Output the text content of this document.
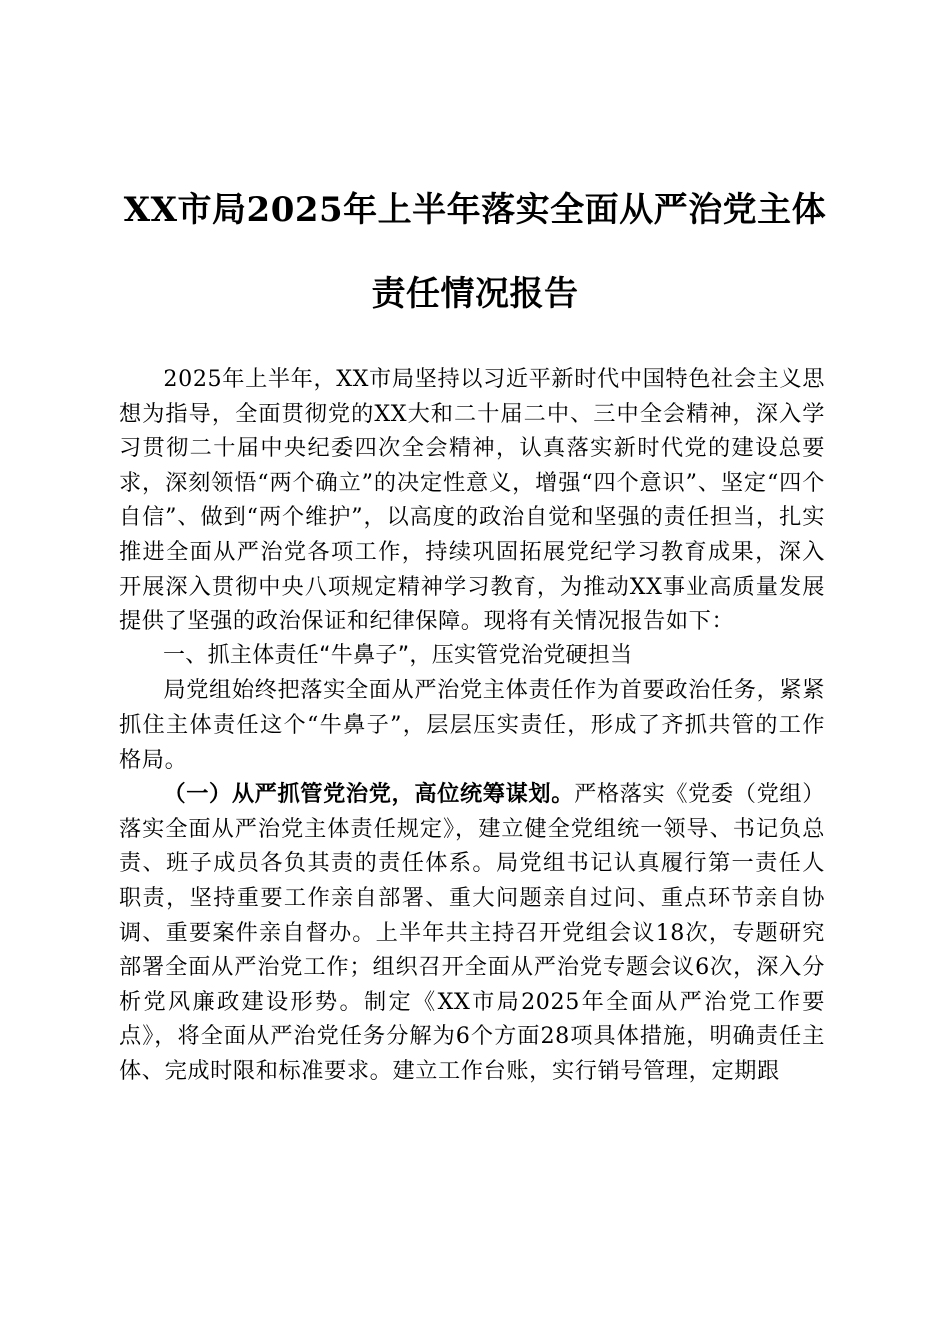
XX市局2025年上半年落实全面从严治党主体
责任情况报告

2025年上半年，XX市局坚持以习近平新时代中国特色社会主义思想为指导，全面贯彻党的XX大和二十届二中、三中全会精神，深入学习贯彻二十届中央纪委四次全会精神，认真落实新时代党的建设总要求，深刻领悟“两个确立”的决定性意义，增强“四个意识”、坚定“四个自信”、做到“两个维护”，以高度的政治自觉和坚强的责任担当，扎实推进全面从严治党各项工作，持续巩固拓展党纪学习教育成果，深入开展深入贯彻中央八项规定精神学习教育，为推动XX事业高质量发展提供了坚强的政治保证和纪律保障。现将有关情况报告如下：

一、抓主体责任“牛鼻子”，压实管党治党硬担当

局党组始终把落实全面从严治党主体责任作为首要政治任务，紧紧抓住主体责任这个“牛鼻子”，层层压实责任，形成了齐抓共管的工作格局。

（一）从严抓管党治党，高位统筹谋划。严格落实《党委（党组）落实全面从严治党主体责任规定》，建立健全党组统一领导、书记负总责、班子成员各负其责的责任体系。局党组书记认真履行第一责任人职责，坚持重要工作亲自部署、重大问题亲自过问、重点环节亲自协调、重要案件亲自督办。上半年共主持召开党组会议18次，专题研究部署全面从严治党工作；组织召开全面从严治党专题会议6次，深入分析党风廉政建设形势。制定《XX市局2025年全面从严治党工作要点》，将全面从严治党任务分解为6个方面28项具体措施，明确责任主体、完成时限和标准要求。建立工作台账，实行销号管理，定期跟
